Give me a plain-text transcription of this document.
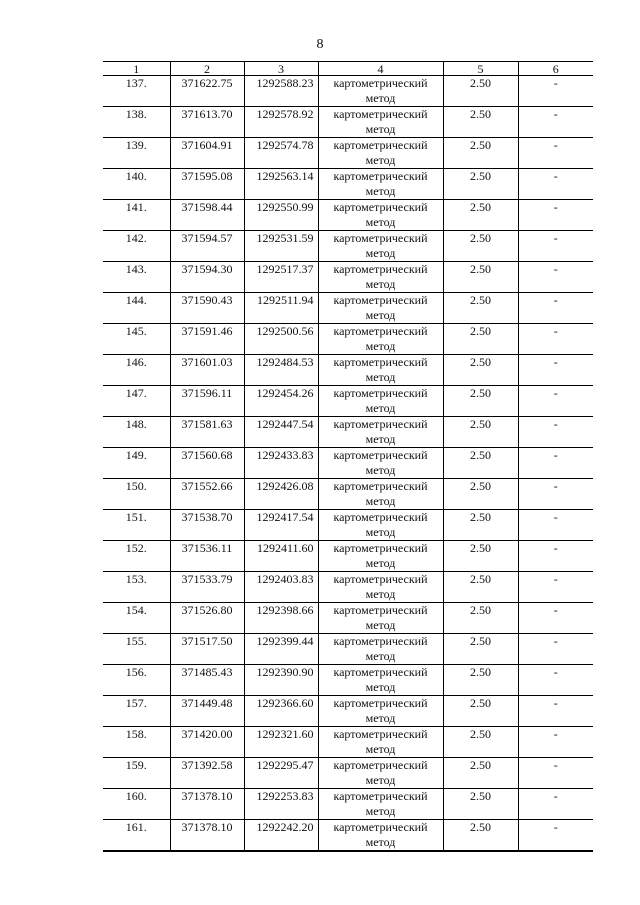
8
1	2	3	4	5	6
137.	371622.75	1292588.23	картометрический метод	2.50	-
138.	371613.70	1292578.92	картометрический метод	2.50	-
139.	371604.91	1292574.78	картометрический метод	2.50	-
140.	371595.08	1292563.14	картометрический метод	2.50	-
141.	371598.44	1292550.99	картометрический метод	2.50	-
142.	371594.57	1292531.59	картометрический метод	2.50	-
143.	371594.30	1292517.37	картометрический метод	2.50	-
144.	371590.43	1292511.94	картометрический метод	2.50	-
145.	371591.46	1292500.56	картометрический метод	2.50	-
146.	371601.03	1292484.53	картометрический метод	2.50	-
147.	371596.11	1292454.26	картометрический метод	2.50	-
148.	371581.63	1292447.54	картометрический метод	2.50	-
149.	371560.68	1292433.83	картометрический метод	2.50	-
150.	371552.66	1292426.08	картометрический метод	2.50	-
151.	371538.70	1292417.54	картометрический метод	2.50	-
152.	371536.11	1292411.60	картометрический метод	2.50	-
153.	371533.79	1292403.83	картометрический метод	2.50	-
154.	371526.80	1292398.66	картометрический метод	2.50	-
155.	371517.50	1292399.44	картометрический метод	2.50	-
156.	371485.43	1292390.90	картометрический метод	2.50	-
157.	371449.48	1292366.60	картометрический метод	2.50	-
158.	371420.00	1292321.60	картометрический метод	2.50	-
159.	371392.58	1292295.47	картометрический метод	2.50	-
160.	371378.10	1292253.83	картометрический метод	2.50	-
161.	371378.10	1292242.20	картометрический метод	2.50	-
